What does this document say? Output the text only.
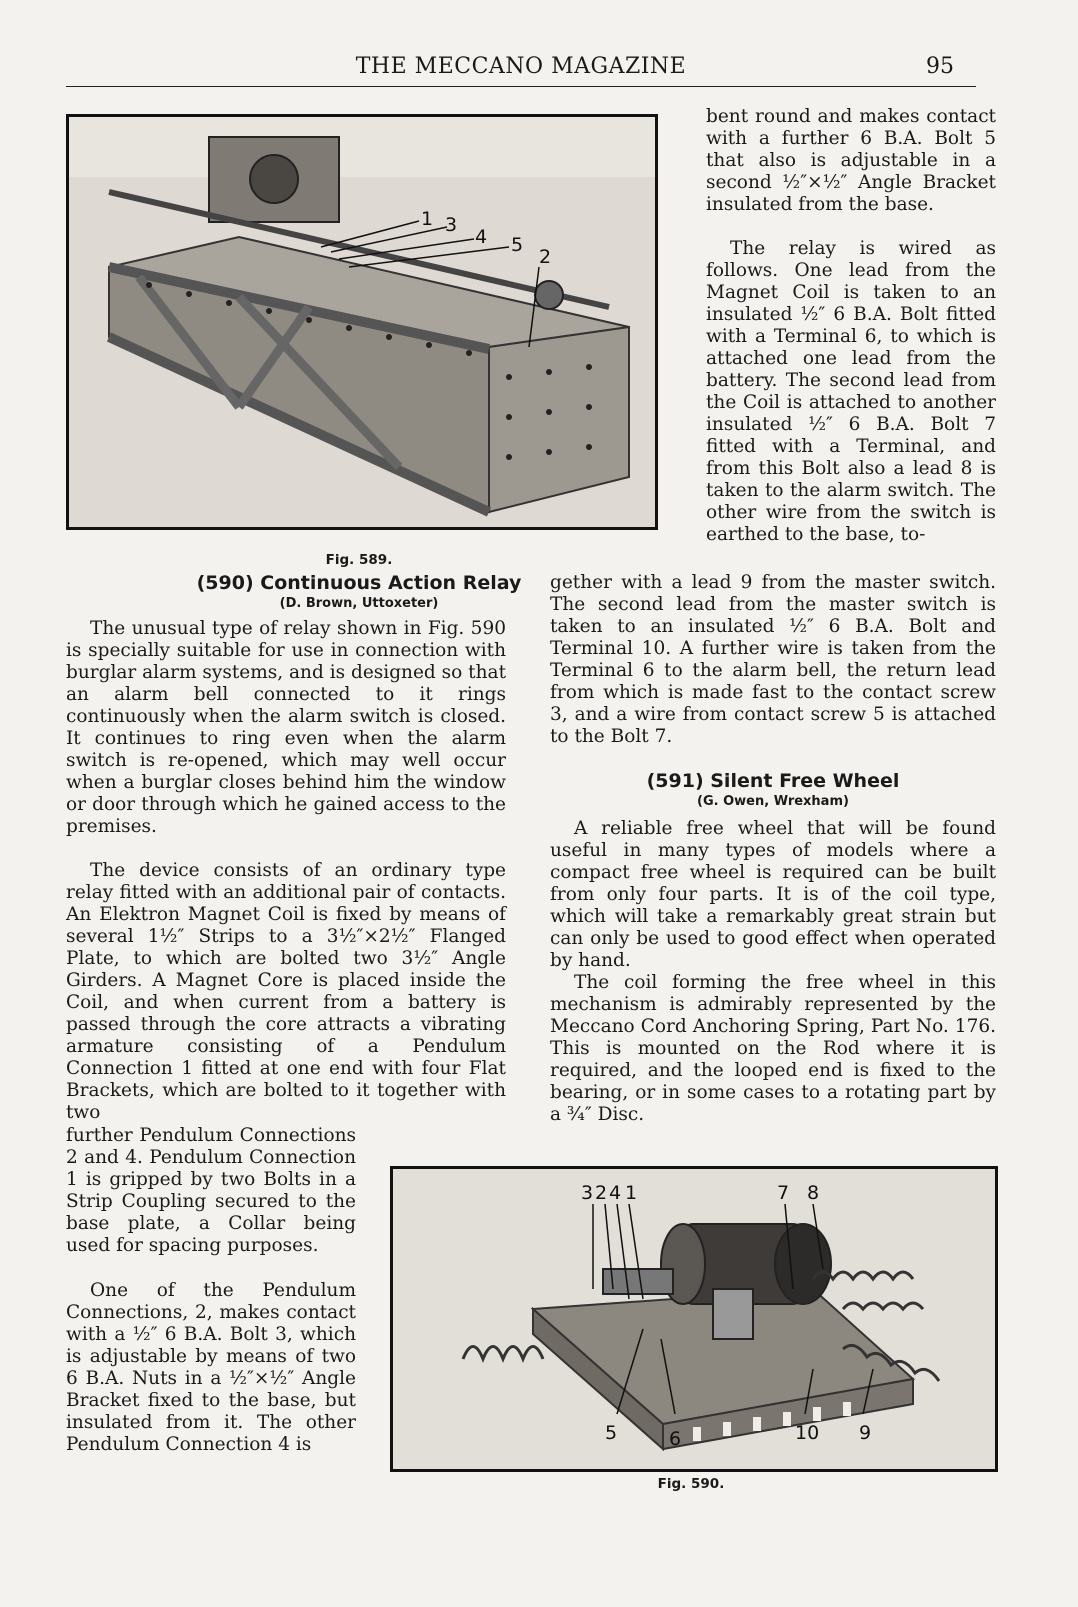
THE MECCANO MAGAZINE	95
1 3
4 5
2

Fig. 589.

(590) Continuous Action Relay

(D. Brown, Uttoxeter)

The unusual type of relay shown in Fig. 590 is specially suitable for use in connection with burglar alarm systems, and is designed so that an alarm bell connected to it rings continuously when the alarm switch is closed. It continues to ring even when the alarm switch is re-opened, which may well occur when a burglar closes behind him the window or door through which he gained access to the premises.

The device consists of an ordinary type relay fitted with an additional pair of contacts. An Elektron Magnet Coil is fixed by means of several 1½″ Strips to a 3½″×2½″ Flanged Plate, to which are bolted two 3½″ Angle Girders. A Magnet Core is placed inside the Coil, and when current from a battery is passed through the core attracts a vibrating armature consisting of a Pendulum Connection 1 fitted at one end with four Flat Brackets, which are bolted to it together with two

further Pendulum Connections 2 and 4. Pendulum Connection 1 is gripped by two Bolts in a Strip Coupling secured to the base plate, a Collar being used for spacing purposes.

One of the Pendulum Connections, 2, makes contact with a ½″ 6 B.A. Bolt 3, which is adjustable by means of two 6 B.A. Nuts in a ½″×½″ Angle Bracket fixed to the base, but insulated from it. The other Pendulum Connection 4 is

bent round and makes contact with a further 6 B.A. Bolt 5 that also is adjustable in a second ½″×½″ Angle Bracket insulated from the base.

The relay is wired as follows. One lead from the Magnet Coil is taken to an insulated ½″ 6 B.A. Bolt fitted with a Terminal 6, to which is attached one lead from the battery. The second lead from the Coil is attached to another insulated ½″ 6 B.A. Bolt 7 fitted with a Terminal, and from this Bolt also a lead 8 is taken to the alarm switch. The other wire from the switch is earthed to the base, to-

gether with a lead 9 from the master switch. The second lead from the master switch is taken to an insulated ½″ 6 B.A. Bolt and Terminal 10. A further wire is taken from the Terminal 6 to the alarm bell, the return lead from which is made fast to the contact screw 3, and a wire from contact screw 5 is attached to the Bolt 7.

(591) Silent Free Wheel

(G. Owen, Wrexham)

A reliable free wheel that will be found useful in many types of models where a compact free wheel is required can be built from only four parts. It is of the coil type, which will take a remarkably great strain but can only be used to good effect when operated by hand.

The coil forming the free wheel in this mechanism is admirably represented by the Meccano Cord Anchoring Spring, Part No. 176. This is mounted on the Rod where it is required, and the looped end is fixed to the bearing, or in some cases to a rotating part by a ¾″ Disc.

3 2 4 1	7 8
5	6	10 9

Fig. 590.
